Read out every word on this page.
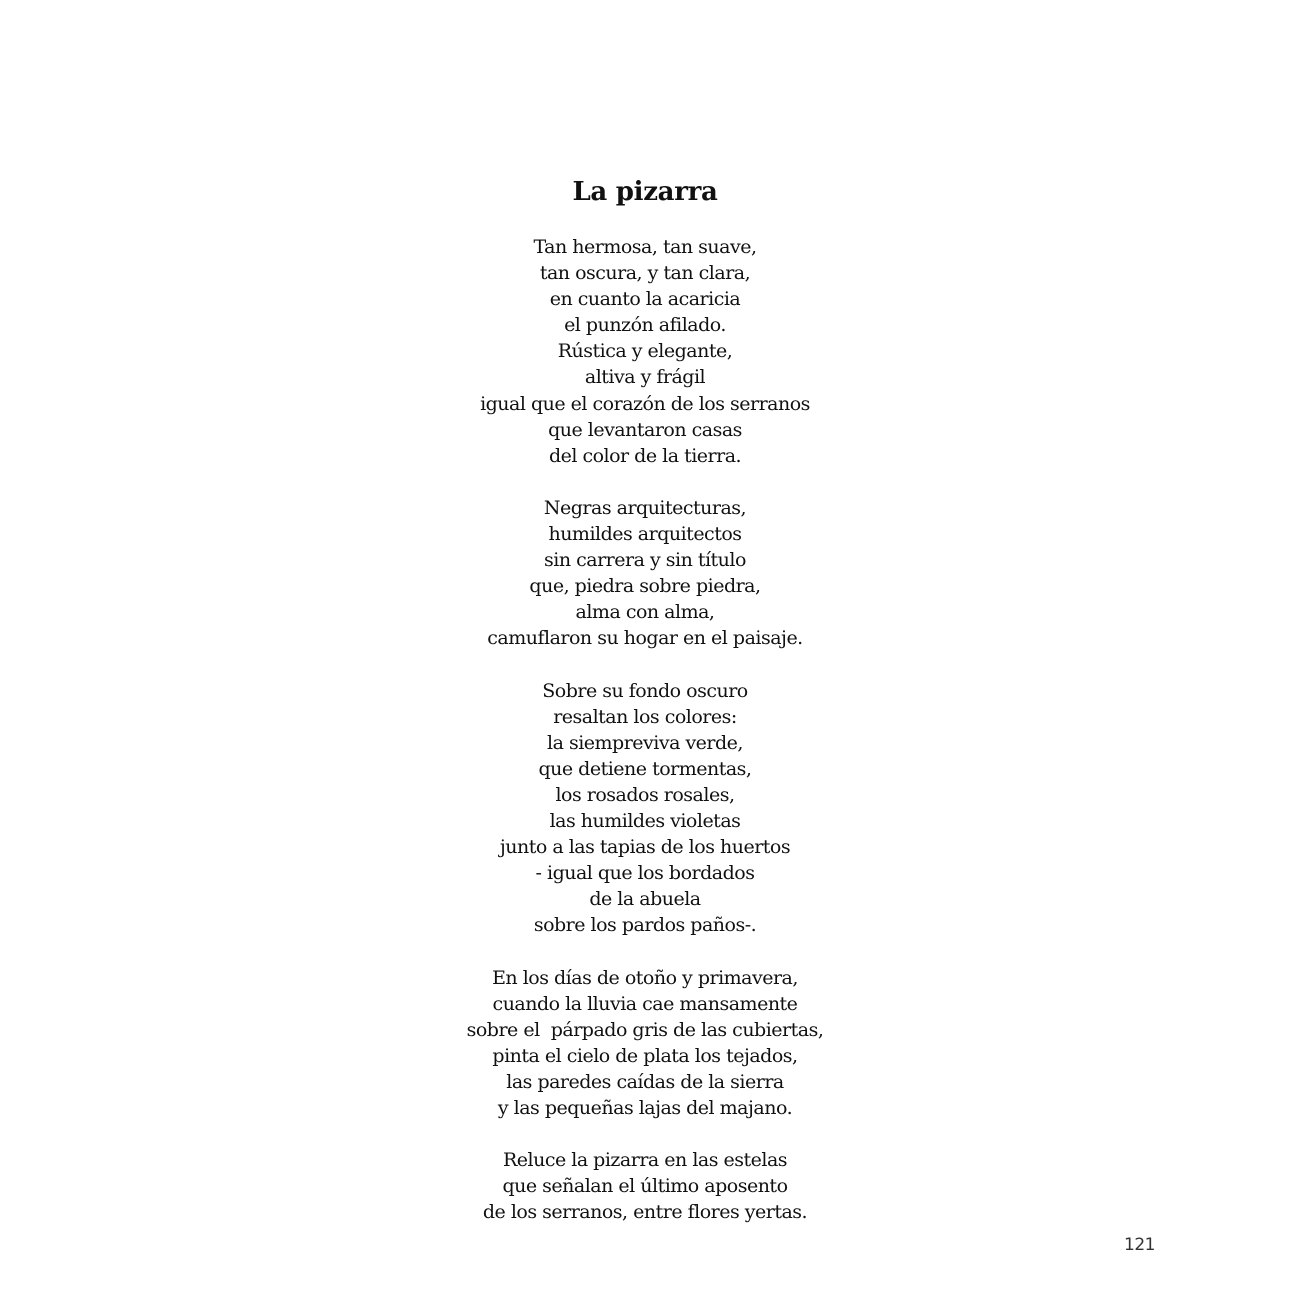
La pizarra
Tan hermosa, tan suave,
tan oscura, y tan clara,
en cuanto la acaricia
el punzón afilado.
Rústica y elegante,
altiva y frágil
igual que el corazón de los serranos
que levantaron casas
del color de la tierra.
Negras arquitecturas,
humildes arquitectos
sin carrera y sin título
que, piedra sobre piedra,
alma con alma,
camuflaron su hogar en el paisaje.
Sobre su fondo oscuro
resaltan los colores:
la siempreviva verde,
que detiene tormentas,
los rosados rosales,
las humildes violetas
junto a las tapias de los huertos
- igual que los bordados
de la abuela
sobre los pardos paños-.
En los días de otoño y primavera,
cuando la lluvia cae mansamente
sobre el  párpado gris de las cubiertas,
pinta el cielo de plata los tejados,
las paredes caídas de la sierra
y las pequeñas lajas del majano.
Reluce la pizarra en las estelas
que señalan el último aposento
de los serranos, entre flores yertas.
121
